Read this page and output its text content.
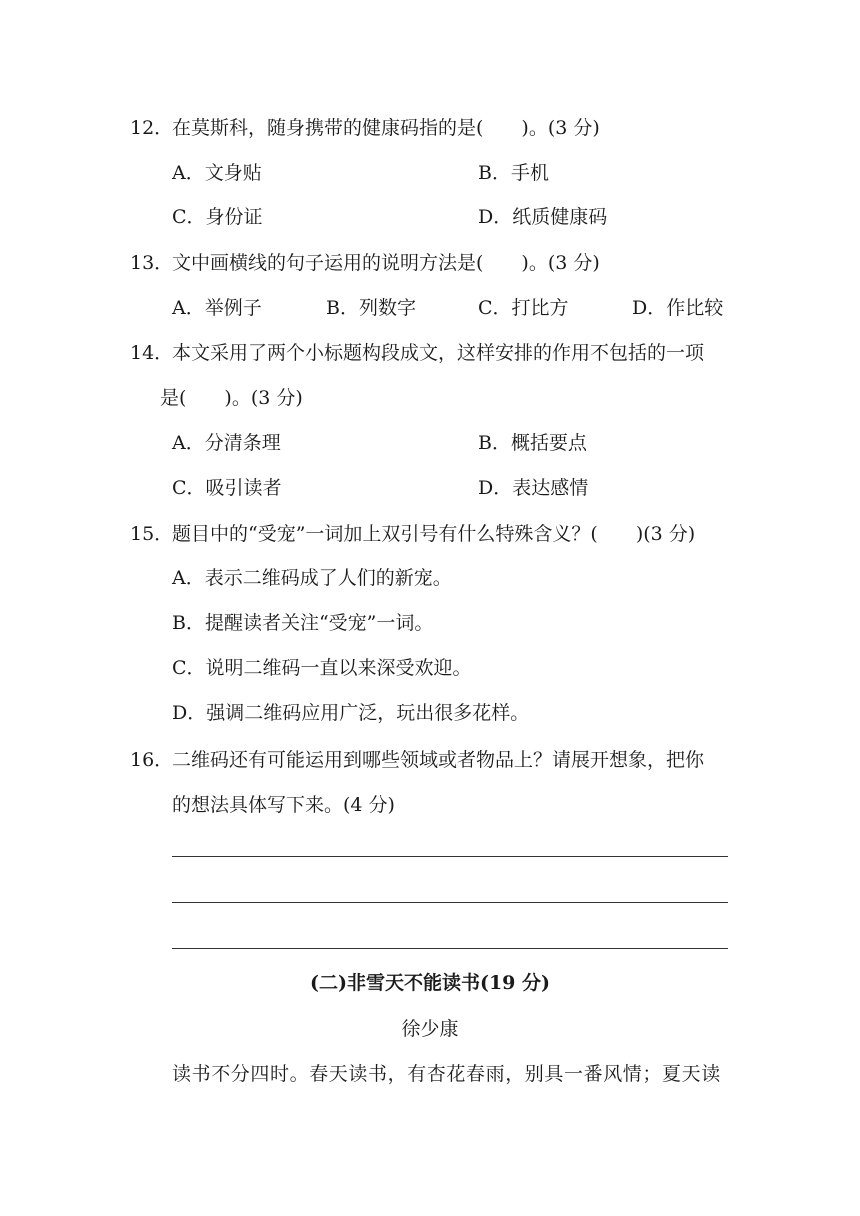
12．在莫斯科，随身携带的健康码指的是(　　)。(3 分)
A．文身贴	B．手机
C．身份证	D．纸质健康码
13．文中画横线的句子运用的说明方法是(　　)。(3 分)
A．举例子	B．列数字	C．打比方	D．作比较
14．本文采用了两个小标题构段成文，这样安排的作用不包括的一项
是(　　)。(3 分)
A．分清条理	B．概括要点
C．吸引读者	D．表达感情
15．题目中的“受宠”一词加上双引号有什么特殊含义？(　　)(3 分)
A．表示二维码成了人们的新宠。
B．提醒读者关注“受宠”一词。
C．说明二维码一直以来深受欢迎。
D．强调二维码应用广泛，玩出很多花样。
16．二维码还有可能运用到哪些领域或者物品上？请展开想象，把你
的想法具体写下来。(4 分)
(二)非雪天不能读书(19 分)
徐少康
读书不分四时。春天读书，有杏花春雨，别具一番风情；夏天读
